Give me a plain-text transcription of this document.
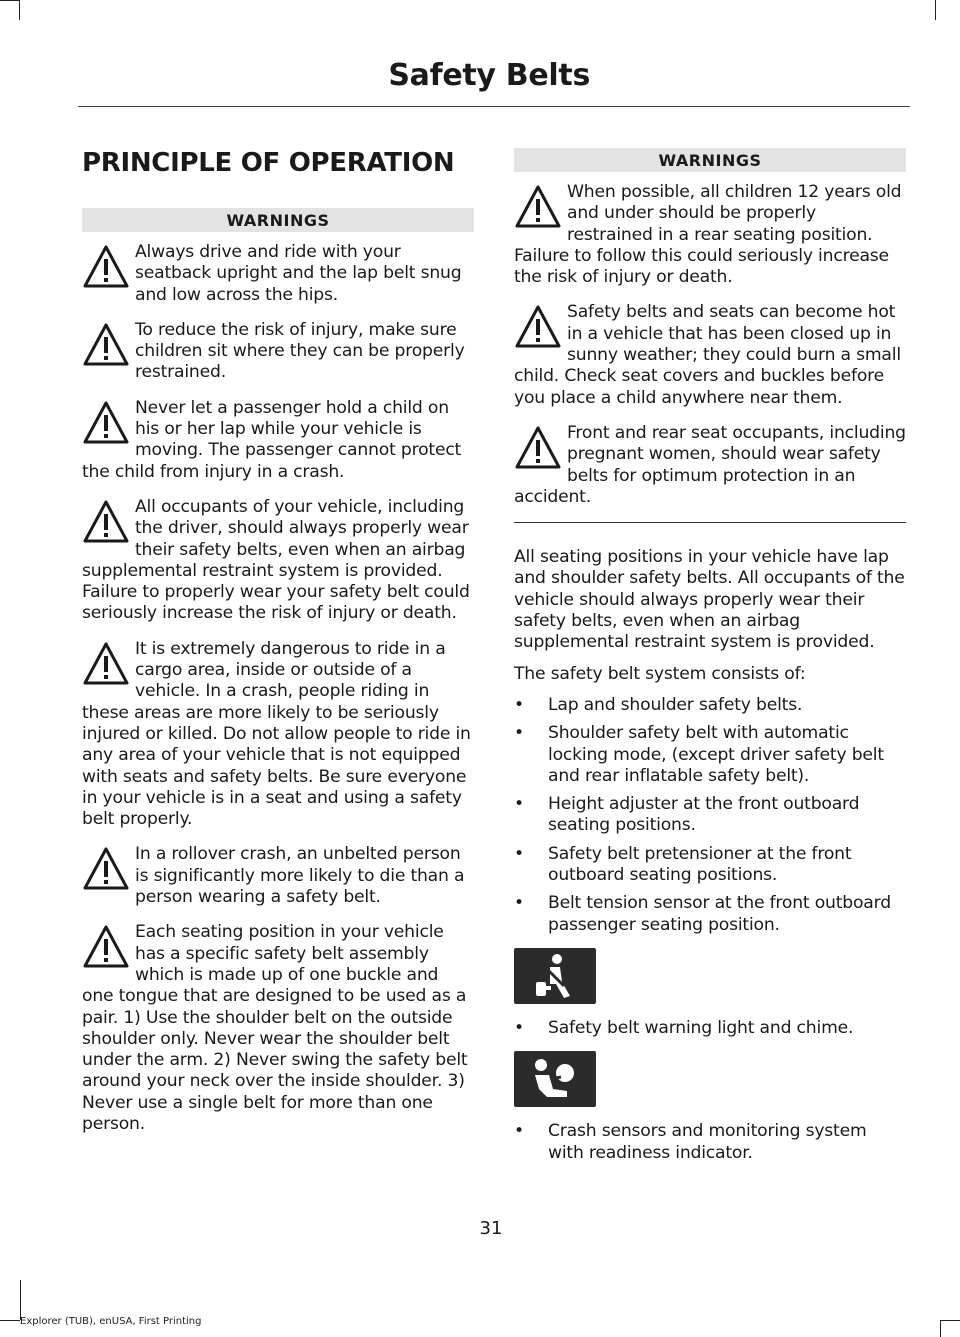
Safety Belts
PRINCIPLE OF OPERATION
WARNINGS
Always drive and ride with your seatback upright and the lap belt snug and low across the hips.
To reduce the risk of injury, make sure children sit where they can be properly restrained.
Never let a passenger hold a child on his or her lap while your vehicle is moving. The passenger cannot protect the child from injury in a crash.
All occupants of your vehicle, including the driver, should always properly wear their safety belts, even when an airbag supplemental restraint system is provided. Failure to properly wear your safety belt could seriously increase the risk of injury or death.
It is extremely dangerous to ride in a cargo area, inside or outside of a vehicle. In a crash, people riding in these areas are more likely to be seriously injured or killed. Do not allow people to ride in any area of your vehicle that is not equipped with seats and safety belts. Be sure everyone in your vehicle is in a seat and using a safety belt properly.
In a rollover crash, an unbelted person is significantly more likely to die than a person wearing a safety belt.
Each seating position in your vehicle has a specific safety belt assembly which is made up of one buckle and one tongue that are designed to be used as a pair. 1) Use the shoulder belt on the outside shoulder only. Never wear the shoulder belt under the arm. 2) Never swing the safety belt around your neck over the inside shoulder. 3) Never use a single belt for more than one person.
WARNINGS
When possible, all children 12 years old and under should be properly restrained in a rear seating position. Failure to follow this could seriously increase the risk of injury or death.
Safety belts and seats can become hot in a vehicle that has been closed up in sunny weather; they could burn a small child. Check seat covers and buckles before you place a child anywhere near them.
Front and rear seat occupants, including pregnant women, should wear safety belts for optimum protection in an accident.

All seating positions in your vehicle have lap and shoulder safety belts. All occupants of the vehicle should always properly wear their safety belts, even when an airbag supplemental restraint system is provided.

The safety belt system consists of:

• Lap and shoulder safety belts.
• Shoulder safety belt with automatic locking mode, (except driver safety belt and rear inflatable safety belt).
• Height adjuster at the front outboard seating positions.
• Safety belt pretensioner at the front outboard seating positions.
• Belt tension sensor at the front outboard passenger seating position.
• Safety belt warning light and chime.
• Crash sensors and monitoring system with readiness indicator.
31
Explorer (TUB), enUSA, First Printing
